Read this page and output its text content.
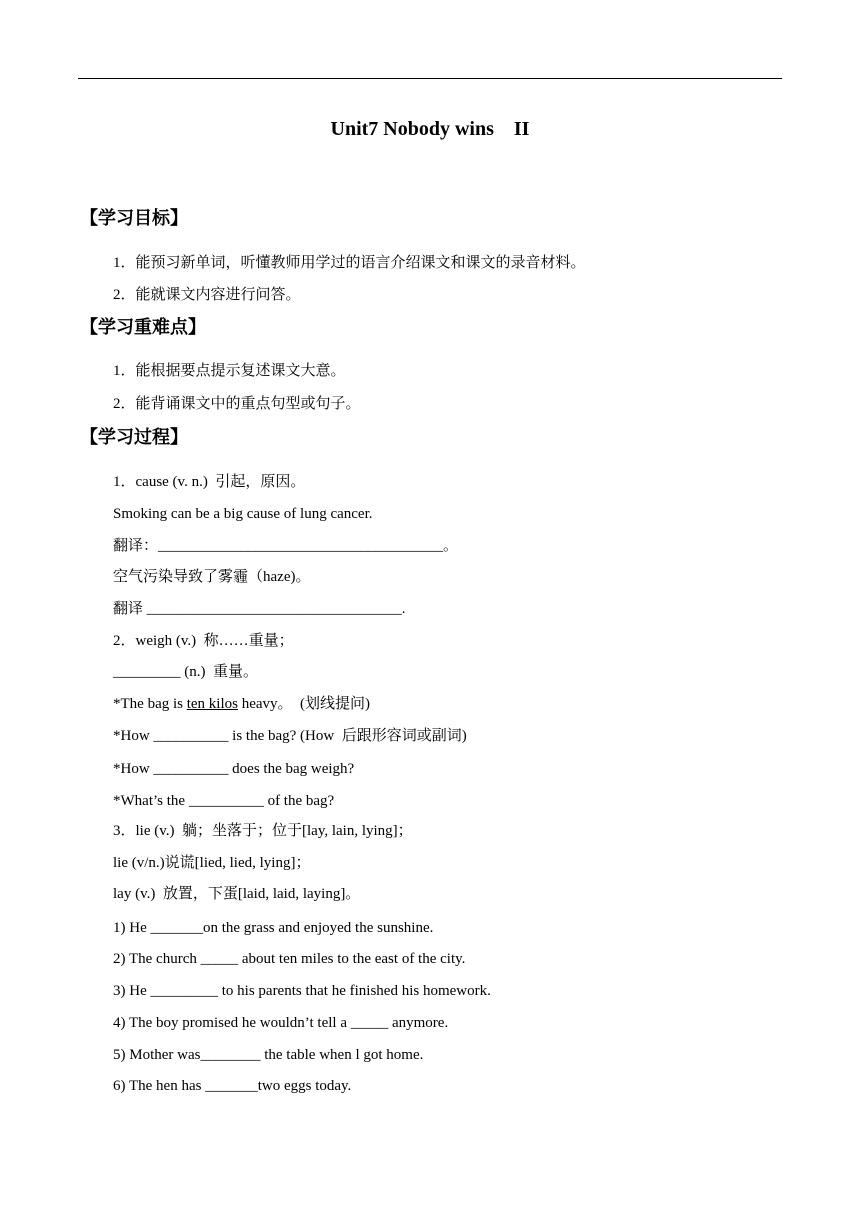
Unit7 Nobody wins    II
【学习目标】
1．能预习新单词，听懂教师用学过的语言介绍课文和课文的录音材料。
2．能就课文内容进行问答。
【学习重难点】
1．能根据要点提示复述课文大意。
2．能背诵课文中的重点句型或句子。
【学习过程】
1．cause (v. n.)  引起，原因。
Smoking can be a big cause of lung cancer.
翻译：______________________________________。
空气污染导致了雾霾（haze)。
翻译 __________________________________.
2．weigh (v.)  称……重量；
_________ (n.)  重量。
*The bag is ten kilos heavy。  (划线提问)
*How __________ is the bag? (How  后跟形容词或副词)
*How __________ does the bag weigh?
*What’s the __________ of the bag?
3．lie (v.)  躺；坐落于；位于[lay, lain, lying]；
lie (v/n.)说谎[lied, lied, lying]；
lay (v.)  放置，下蛋[laid, laid, laying]。
1) He _______on the grass and enjoyed the sunshine.
2) The church _____ about ten miles to the east of the city.
3) He _________ to his parents that he finished his homework.
4) The boy promised he wouldn’t tell a _____ anymore.
5) Mother was________ the table when l got home.
6) The hen has _______two eggs today.
